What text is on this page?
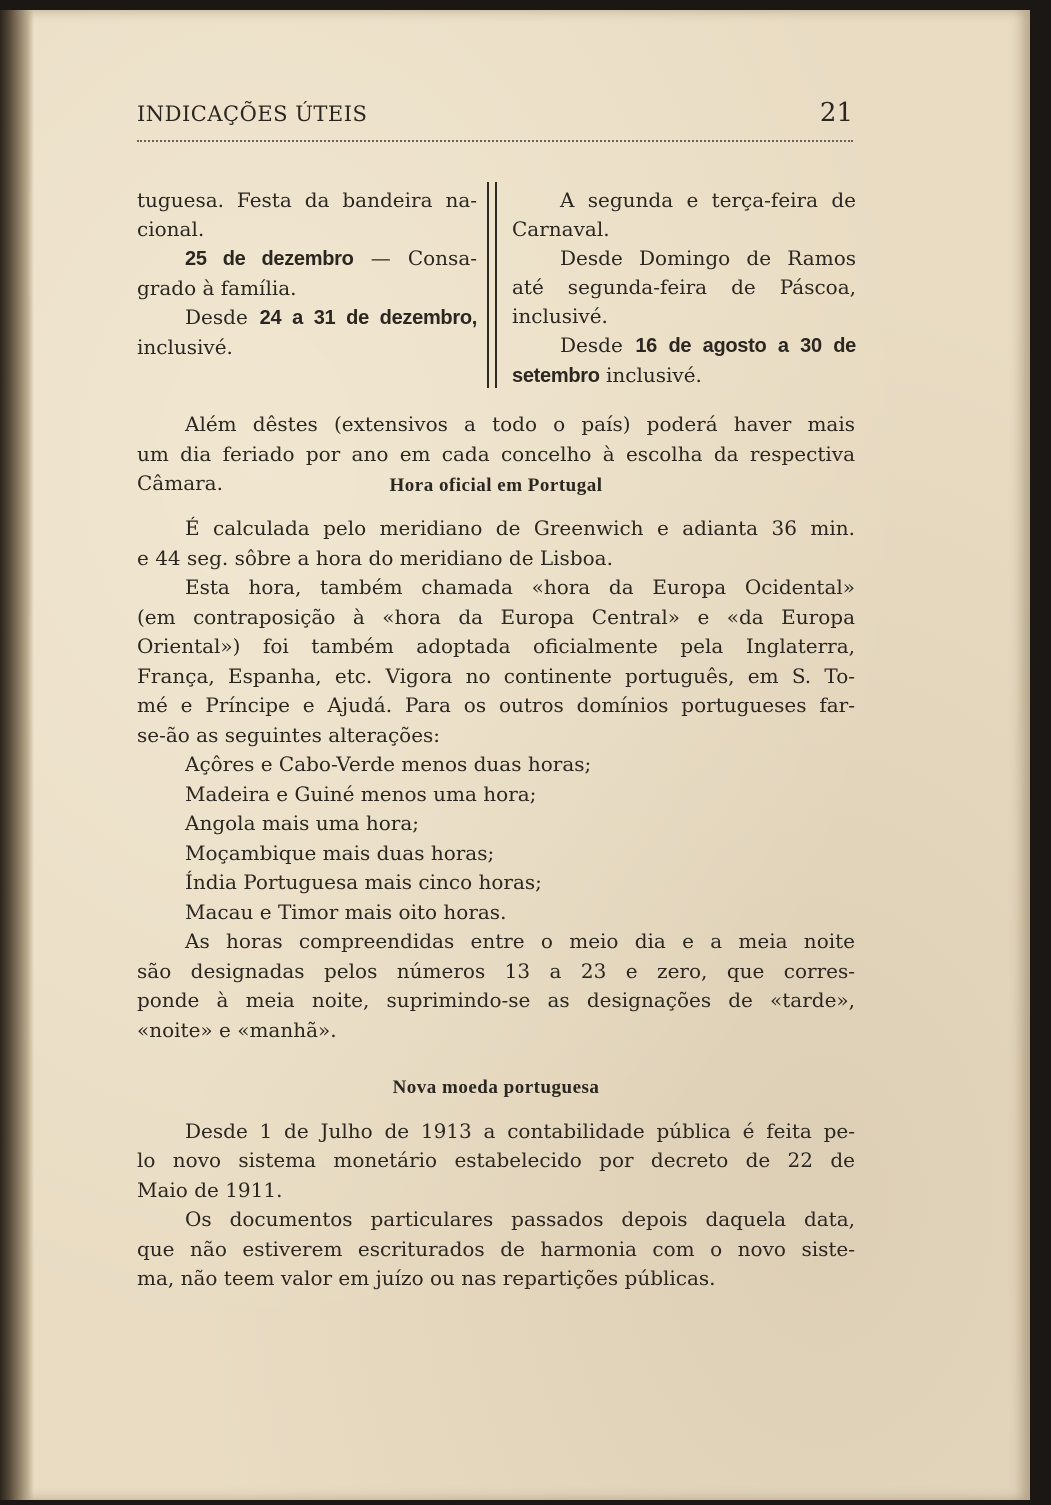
INDICAÇÕES ÚTEIS	21
tuguesa. Festa da bandeira na-
cional.
25 de dezembro — Consa-
grado à família.
Desde 24 a 31 de dezembro,
inclusivé.
A segunda e terça-feira de
Carnaval.
Desde Domingo de Ramos
até segunda-feira de Páscoa,
inclusivé.
Desde 16 de agosto a 30 de
setembro inclusivé.
Além dêstes (extensivos a todo o país) poderá haver mais
um dia feriado por ano em cada concelho à escolha da respectiva
Câmara.	Hora oficial em Portugal
É calculada pelo meridiano de Greenwich e adianta 36 min.
e 44 seg. sôbre a hora do meridiano de Lisboa.
Esta hora, também chamada «hora da Europa Ocidental»
(em contraposição à «hora da Europa Central» e «da Europa
Oriental») foi também adoptada oficialmente pela Inglaterra,
França, Espanha, etc. Vigora no continente português, em S. To-
mé e Príncipe e Ajudá. Para os outros domínios portugueses far-
se-ão as seguintes alterações:
Açôres e Cabo-Verde menos duas horas;
Madeira e Guiné menos uma hora;
Angola mais uma hora;
Moçambique mais duas horas;
Índia Portuguesa mais cinco horas;
Macau e Timor mais oito horas.
As horas compreendidas entre o meio dia e a meia noite
são designadas pelos números 13 a 23 e zero, que corres-
ponde à meia noite, suprimindo-se as designações de «tarde»,
«noite» e «manhã».
Nova moeda portuguesa
Desde 1 de Julho de 1913 a contabilidade pública é feita pe-
lo novo sistema monetário estabelecido por decreto de 22 de
Maio de 1911.
Os documentos particulares passados depois daquela data,
que não estiverem escriturados de harmonia com o novo siste-
ma, não teem valor em juízo ou nas repartições públicas.
